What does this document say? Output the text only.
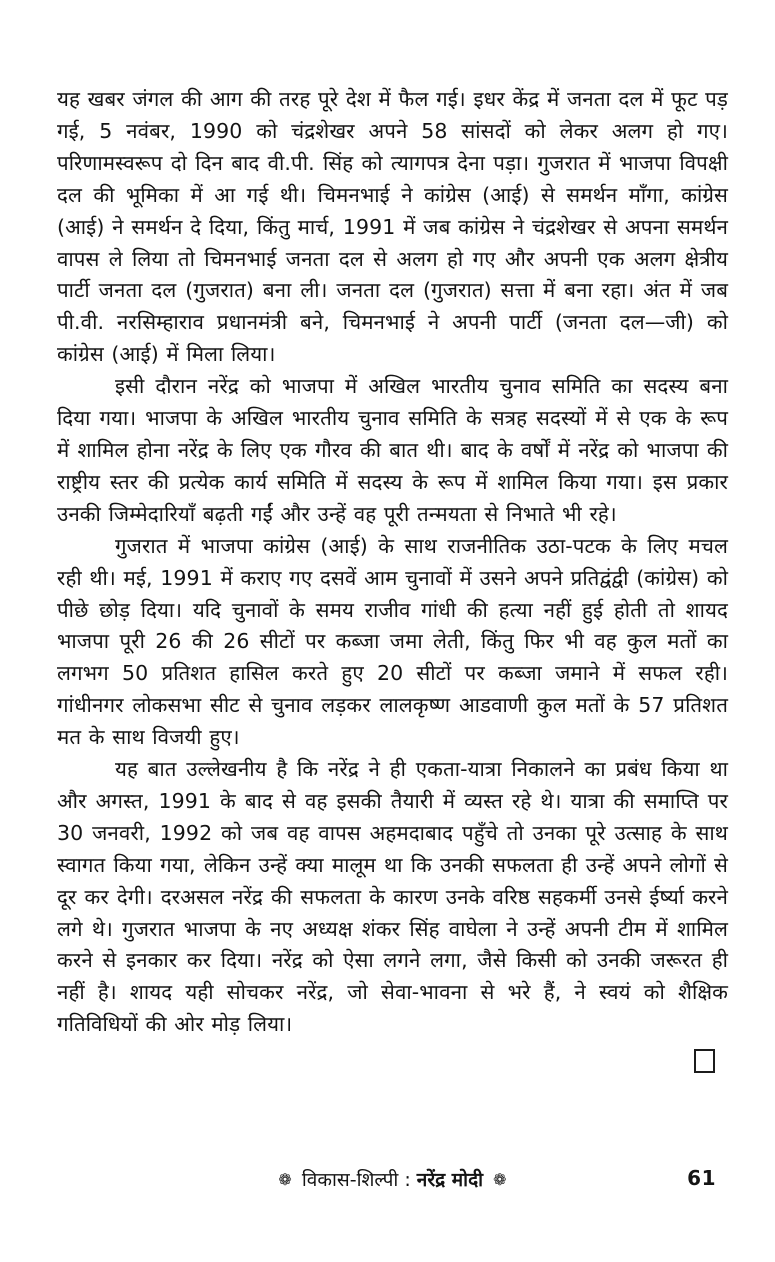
यह खबर जंगल की आग की तरह पूरे देश में फैल गई। इधर केंद्र में जनता दल में फूट पड़ गई, 5 नवंबर, 1990 को चंद्रशेखर अपने 58 सांसदों को लेकर अलग हो गए। परिणामस्वरूप दो दिन बाद वी.पी. सिंह को त्यागपत्र देना पड़ा। गुजरात में भाजपा विपक्षी दल की भूमिका में आ गई थी। चिमनभाई ने कांग्रेस (आई) से समर्थन माँगा, कांग्रेस (आई) ने समर्थन दे दिया, किंतु मार्च, 1991 में जब कांग्रेस ने चंद्रशेखर से अपना समर्थन वापस ले लिया तो चिमनभाई जनता दल से अलग हो गए और अपनी एक अलग क्षेत्रीय पार्टी जनता दल (गुजरात) बना ली। जनता दल (गुजरात) सत्ता में बना रहा। अंत में जब पी.वी. नरसिम्हाराव प्रधानमंत्री बने, चिमनभाई ने अपनी पार्टी (जनता दल—जी) को कांग्रेस (आई) में मिला लिया।

इसी दौरान नरेंद्र को भाजपा में अखिल भारतीय चुनाव समिति का सदस्य बना दिया गया। भाजपा के अखिल भारतीय चुनाव समिति के सत्रह सदस्यों में से एक के रूप में शामिल होना नरेंद्र के लिए एक गौरव की बात थी। बाद के वर्षों में नरेंद्र को भाजपा की राष्ट्रीय स्तर की प्रत्येक कार्य समिति में सदस्य के रूप में शामिल किया गया। इस प्रकार उनकी जिम्मेदारियाँ बढ़ती गईं और उन्हें वह पूरी तन्मयता से निभाते भी रहे।

गुजरात में भाजपा कांग्रेस (आई) के साथ राजनीतिक उठा-पटक के लिए मचल रही थी। मई, 1991 में कराए गए दसवें आम चुनावों में उसने अपने प्रतिद्वंद्वी (कांग्रेस) को पीछे छोड़ दिया। यदि चुनावों के समय राजीव गांधी की हत्या नहीं हुई होती तो शायद भाजपा पूरी 26 की 26 सीटों पर कब्जा जमा लेती, किंतु फिर भी वह कुल मतों का लगभग 50 प्रतिशत हासिल करते हुए 20 सीटों पर कब्जा जमाने में सफल रही। गांधीनगर लोकसभा सीट से चुनाव लड़कर लालकृष्ण आडवाणी कुल मतों के 57 प्रतिशत मत के साथ विजयी हुए।

यह बात उल्लेखनीय है कि नरेंद्र ने ही एकता-यात्रा निकालने का प्रबंध किया था और अगस्त, 1991 के बाद से वह इसकी तैयारी में व्यस्त रहे थे। यात्रा की समाप्ति पर 30 जनवरी, 1992 को जब वह वापस अहमदाबाद पहुँचे तो उनका पूरे उत्साह के साथ स्वागत किया गया, लेकिन उन्हें क्या मालूम था कि उनकी सफलता ही उन्हें अपने लोगों से दूर कर देगी। दरअसल नरेंद्र की सफलता के कारण उनके वरिष्ठ सहकर्मी उनसे ईर्ष्या करने लगे थे। गुजरात भाजपा के नए अध्यक्ष शंकर सिंह वाघेला ने उन्हें अपनी टीम में शामिल करने से इनकार कर दिया। नरेंद्र को ऐसा लगने लगा, जैसे किसी को उनकी जरूरत ही नहीं है। शायद यही सोचकर नरेंद्र, जो सेवा-भावना से भरे हैं, ने स्वयं को शैक्षिक गतिविधियों की ओर मोड़ लिया।

❁ विकास-शिल्पी : नरेंद्र मोदी ❁	61
